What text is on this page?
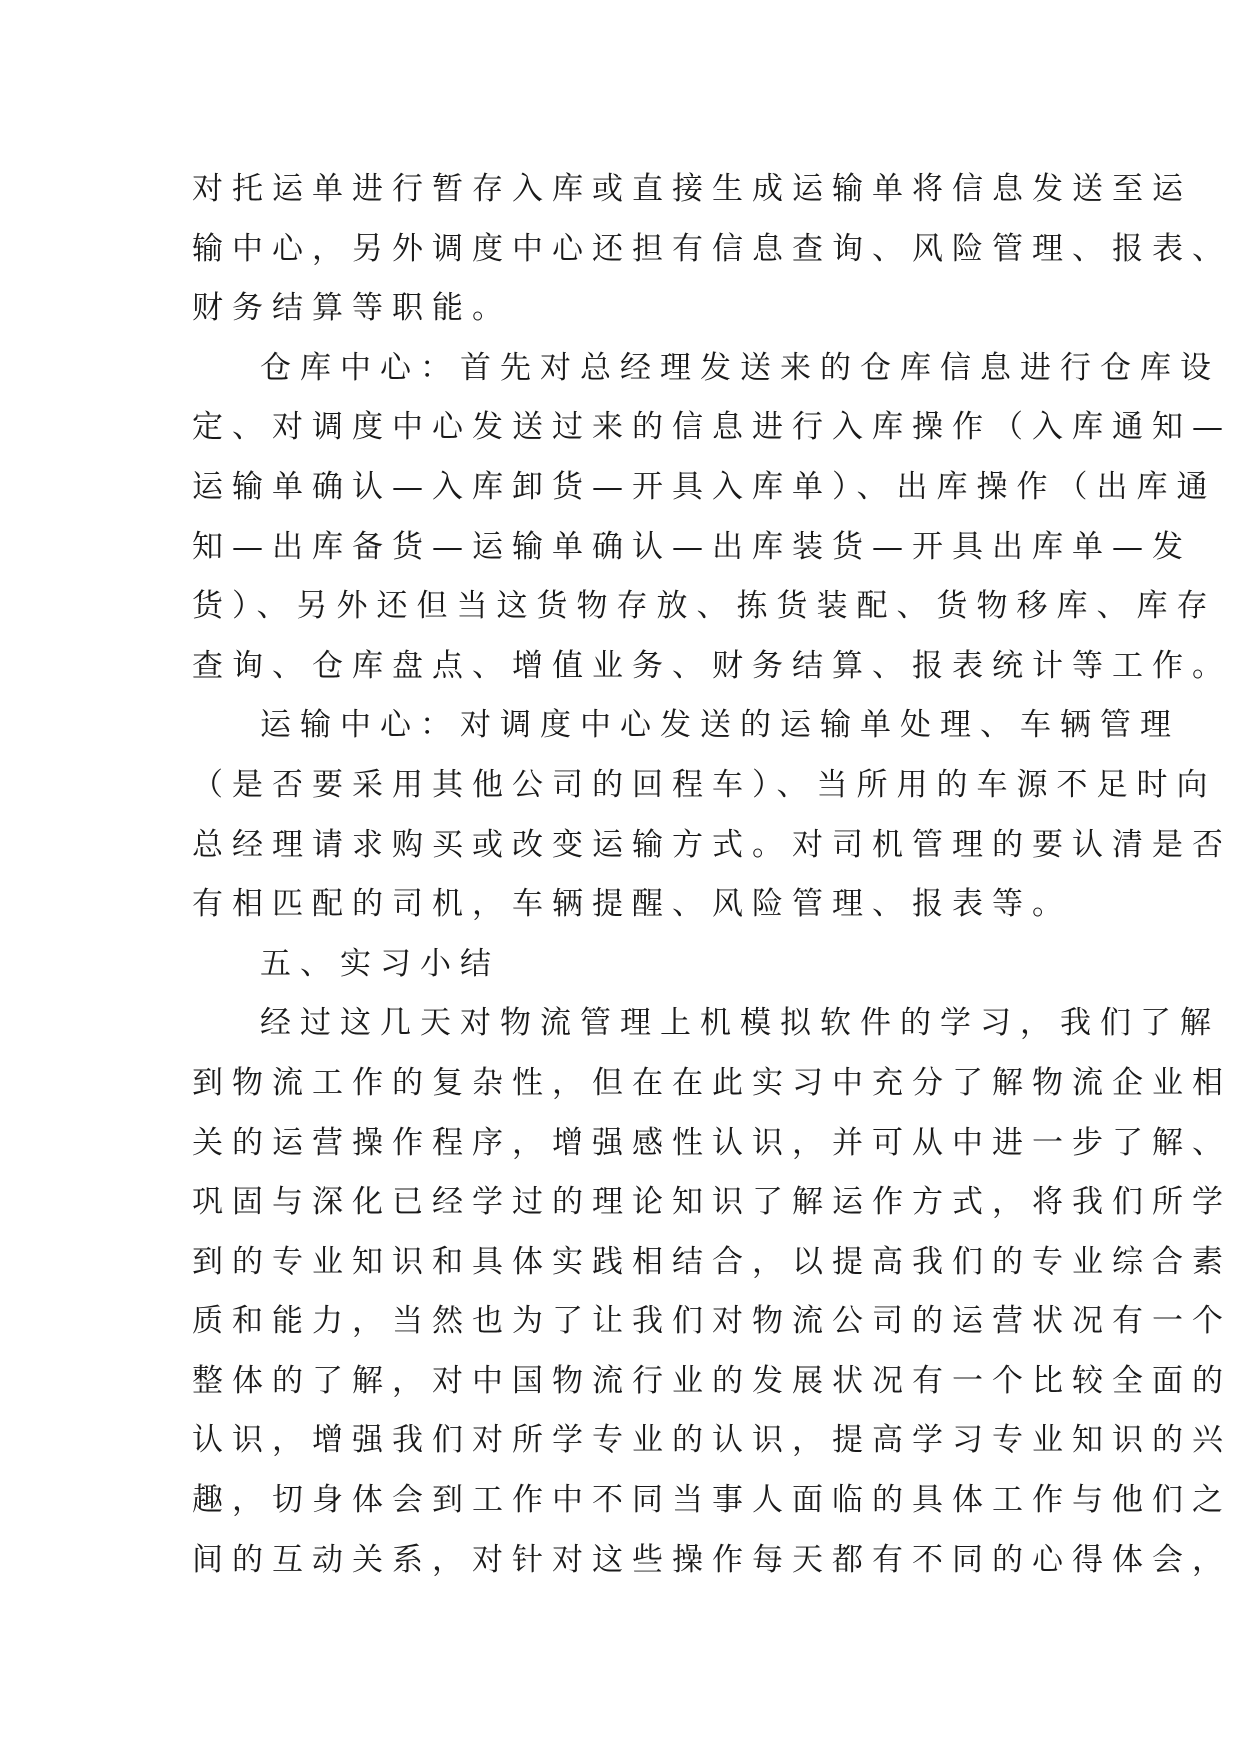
对托运单进行暂存入库或直接生成运输单将信息发送至运
输中心，另外调度中心还担有信息查询、风险管理、报表、
财务结算等职能。
仓库中心：首先对总经理发送来的仓库信息进行仓库设
定、对调度中心发送过来的信息进行入库操作（入库通知—
运输单确认—入库卸货—开具入库单）、出库操作（出库通
知—出库备货—运输单确认—出库装货—开具出库单—发
货）、另外还但当这货物存放、拣货装配、货物移库、库存
查询、仓库盘点、增值业务、财务结算、报表统计等工作。
运输中心：对调度中心发送的运输单处理、车辆管理
（是否要采用其他公司的回程车）、当所用的车源不足时向
总经理请求购买或改变运输方式。对司机管理的要认清是否
有相匹配的司机，车辆提醒、风险管理、报表等。
五、实习小结
经过这几天对物流管理上机模拟软件的学习，我们了解
到物流工作的复杂性，但在在此实习中充分了解物流企业相
关的运营操作程序，增强感性认识，并可从中进一步了解、
巩固与深化已经学过的理论知识了解运作方式，将我们所学
到的专业知识和具体实践相结合，以提高我们的专业综合素
质和能力，当然也为了让我们对物流公司的运营状况有一个
整体的了解，对中国物流行业的发展状况有一个比较全面的
认识，增强我们对所学专业的认识，提高学习专业知识的兴
趣，切身体会到工作中不同当事人面临的具体工作与他们之
间的互动关系，对针对这些操作每天都有不同的心得体会，
